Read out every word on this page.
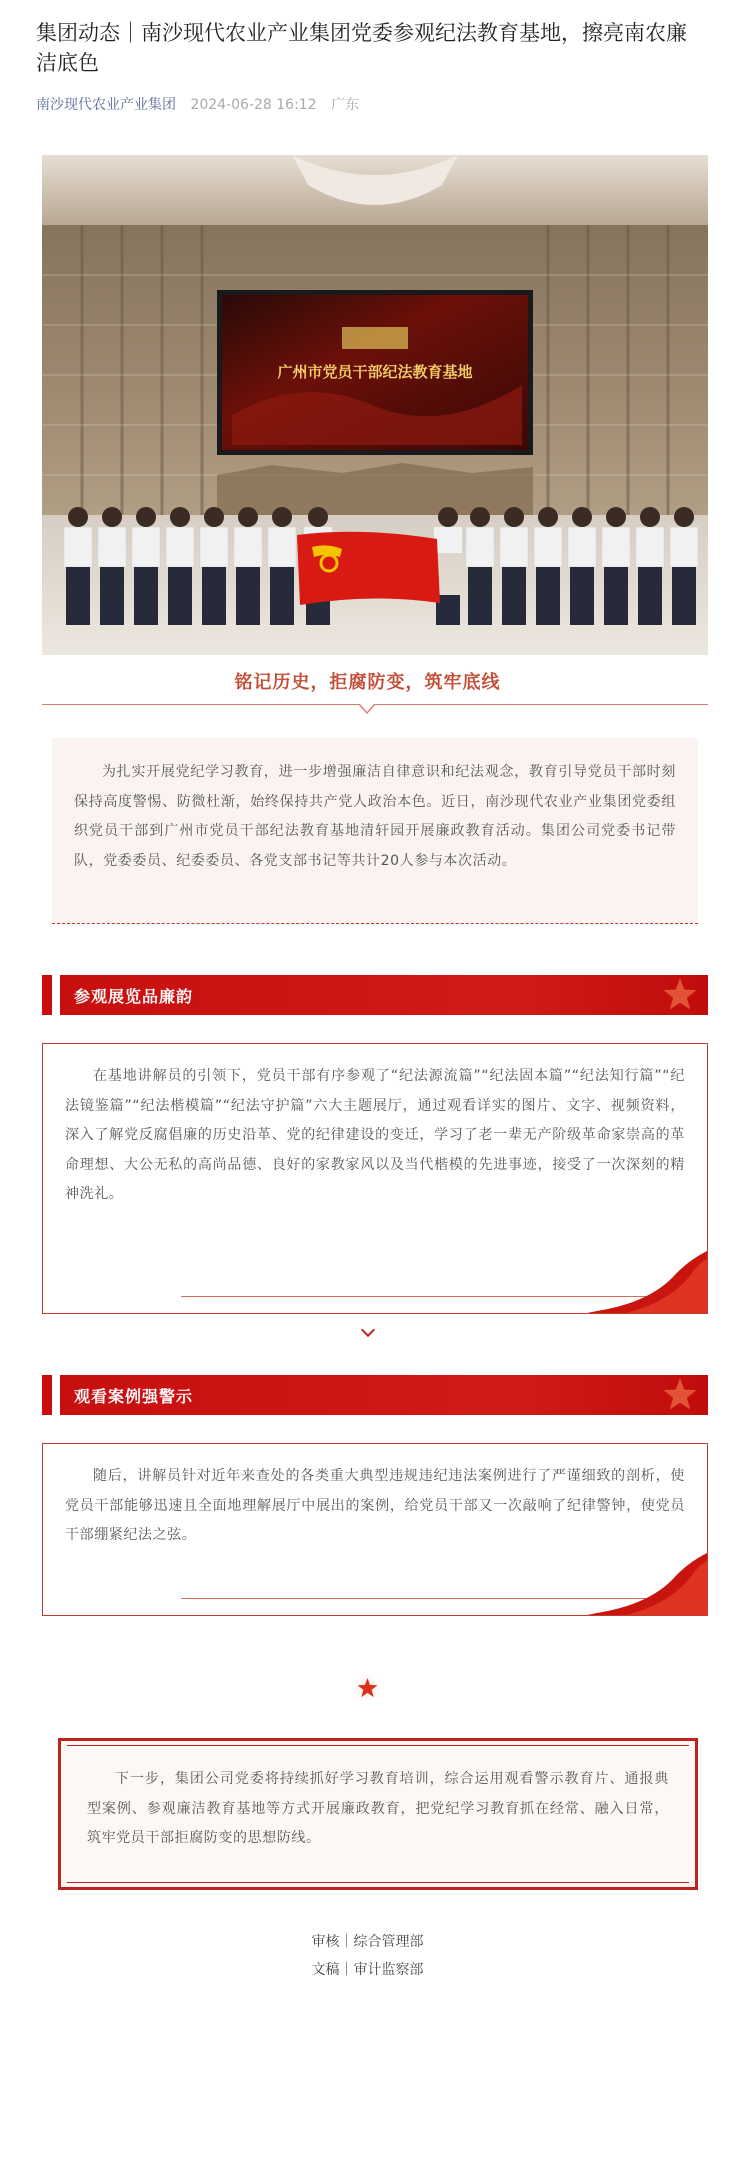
集团动态｜南沙现代农业产业集团党委参观纪法教育基地，擦亮南农廉洁底色
南沙现代农业产业集团 2024-06-28 16:12 广东
广州市党员干部纪法教育基地
铭记历史，拒腐防变，筑牢底线

为扎实开展党纪学习教育，进一步增强廉洁自律意识和纪法观念，教育引导党员干部时刻保持高度警惕、防微杜渐，始终保持共产党人政治本色。近日，南沙现代农业产业集团党委组织党员干部到广州市党员干部纪法教育基地清轩园开展廉政教育活动。集团公司党委书记带队，党委委员、纪委委员、各党支部书记等共计20人参与本次活动。

参观展览品廉韵

在基地讲解员的引领下，党员干部有序参观了“纪法源流篇”“纪法固本篇”“纪法知行篇”“纪法镜鉴篇”“纪法楷模篇”“纪法守护篇”六大主题展厅，通过观看详实的图片、文字、视频资料，深入了解党反腐倡廉的历史沿革、党的纪律建设的变迁，学习了老一辈无产阶级革命家崇高的革命理想、大公无私的高尚品德、良好的家教家风以及当代楷模的先进事迹，接受了一次深刻的精神洗礼。

观看案例强警示

随后，讲解员针对近年来查处的各类重大典型违规违纪违法案例进行了严谨细致的剖析，使党员干部能够迅速且全面地理解展厅中展出的案例，给党员干部又一次敲响了纪律警钟，使党员干部绷紧纪法之弦。

下一步，集团公司党委将持续抓好学习教育培训，综合运用观看警示教育片、通报典型案例、参观廉洁教育基地等方式开展廉政教育，把党纪学习教育抓在经常、融入日常，筑牢党员干部拒腐防变的思想防线。

审核｜综合管理部
文稿｜审计监察部
